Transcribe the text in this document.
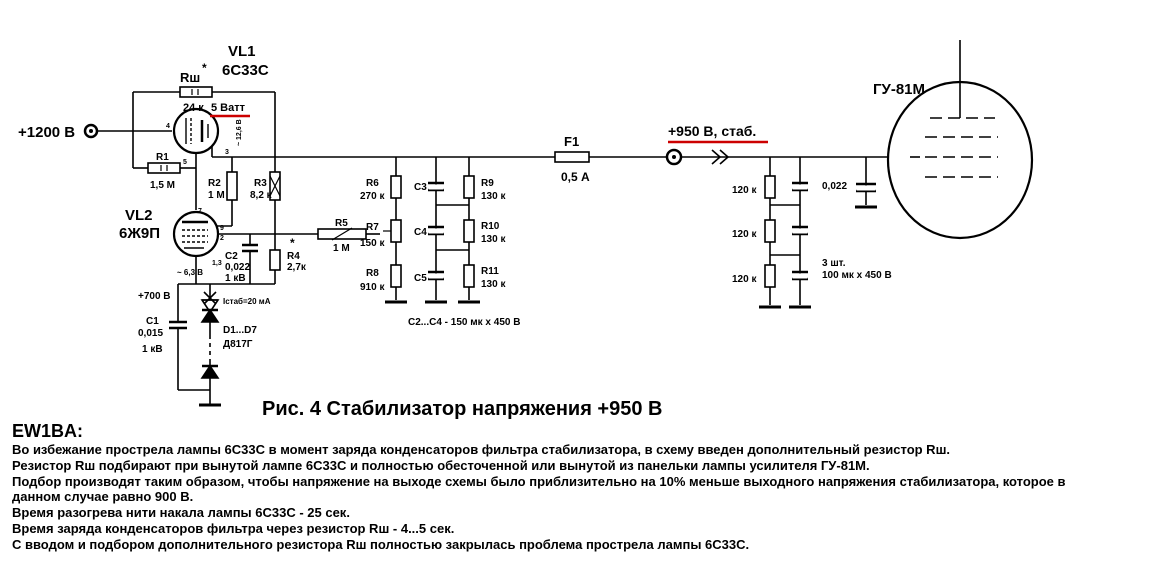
+1200 В
VL1
6С33С
Rш
*
24 к 5 Ватт
R1
1,5 М
~ 12,6 В
R2
1 М
R3
8,2 к
VL2
6Ж9П
~ 6,3 В
C2
0,022
1 кВ
*
R4
2,7к
R5
1 М
+700 В
C1
0,015
1 кВ
Iстаб=20 мА
D1...D7
Д817Г
R6
270 к
R7
150 к
R8
910 к
C3
C4
C5
R9
130 к
R10
130 к
R11
130 к
C2...C4 - 150 мк х 450 В
F1
0,5 А
+950 В, стаб.
120 к
120 к
120 к
0,022
3 шт.
100 мк х 450 В
ГУ-81М
4
5
3
7
9
2
1,3

Рис. 4 Стабилизатор напряжения +950 В

EW1BA:
Во избежание прострела лампы 6С33С в момент заряда конденсаторов фильтра стабилизатора, в схему введен дополнительный резистор Rш.
Резистор Rш подбирают при вынутой лампе 6С33С и полностью обесточенной или вынутой из панельки лампы усилителя ГУ-81М.
Подбор производят таким образом, чтобы напряжение на выходе схемы было приблизительно на 10% меньше выходного напряжения стабилизатора, которое в данном случае равно 900 В.
Время разогрева нити накала лампы 6С33С - 25 сек.
Время заряда конденсаторов фильтра через резистор Rш - 4...5 сек.
С вводом и подбором дополнительного резистора Rш полностью закрылась проблема прострела лампы 6С33С.
